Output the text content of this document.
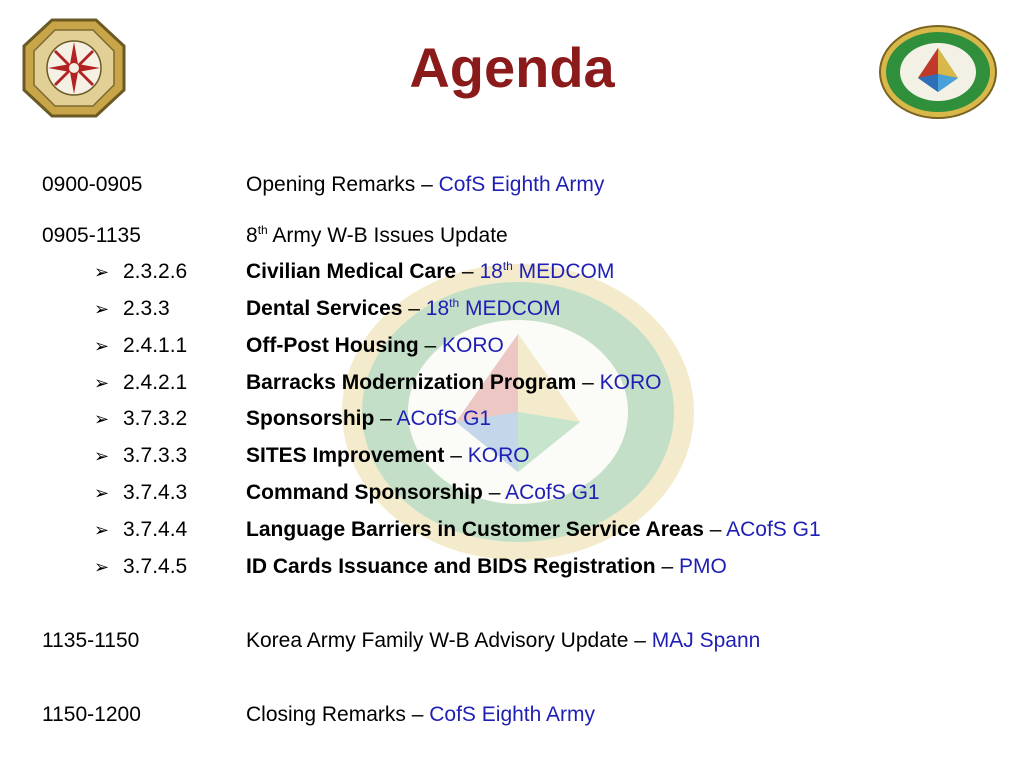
Agenda
0900-0905	Opening Remarks – CofS Eighth Army
0905-1135	8th Army W-B Issues Update
➢ 2.3.2.6	Civilian Medical Care – 18th MEDCOM
➢ 2.3.3	Dental Services – 18th MEDCOM
➢ 2.4.1.1	Off-Post Housing – KORO
➢ 2.4.2.1	Barracks Modernization Program – KORO
➢ 3.7.3.2	Sponsorship – ACofS G1
➢ 3.7.3.3	SITES Improvement – KORO
➢ 3.7.4.3	Command Sponsorship – ACofS G1
➢ 3.7.4.4	Language Barriers in Customer Service Areas – ACofS G1
➢ 3.7.4.5	ID Cards Issuance and BIDS Registration – PMO
1135-1150	Korea Army Family W-B Advisory Update – MAJ Spann
1150-1200	Closing Remarks – CofS Eighth Army
